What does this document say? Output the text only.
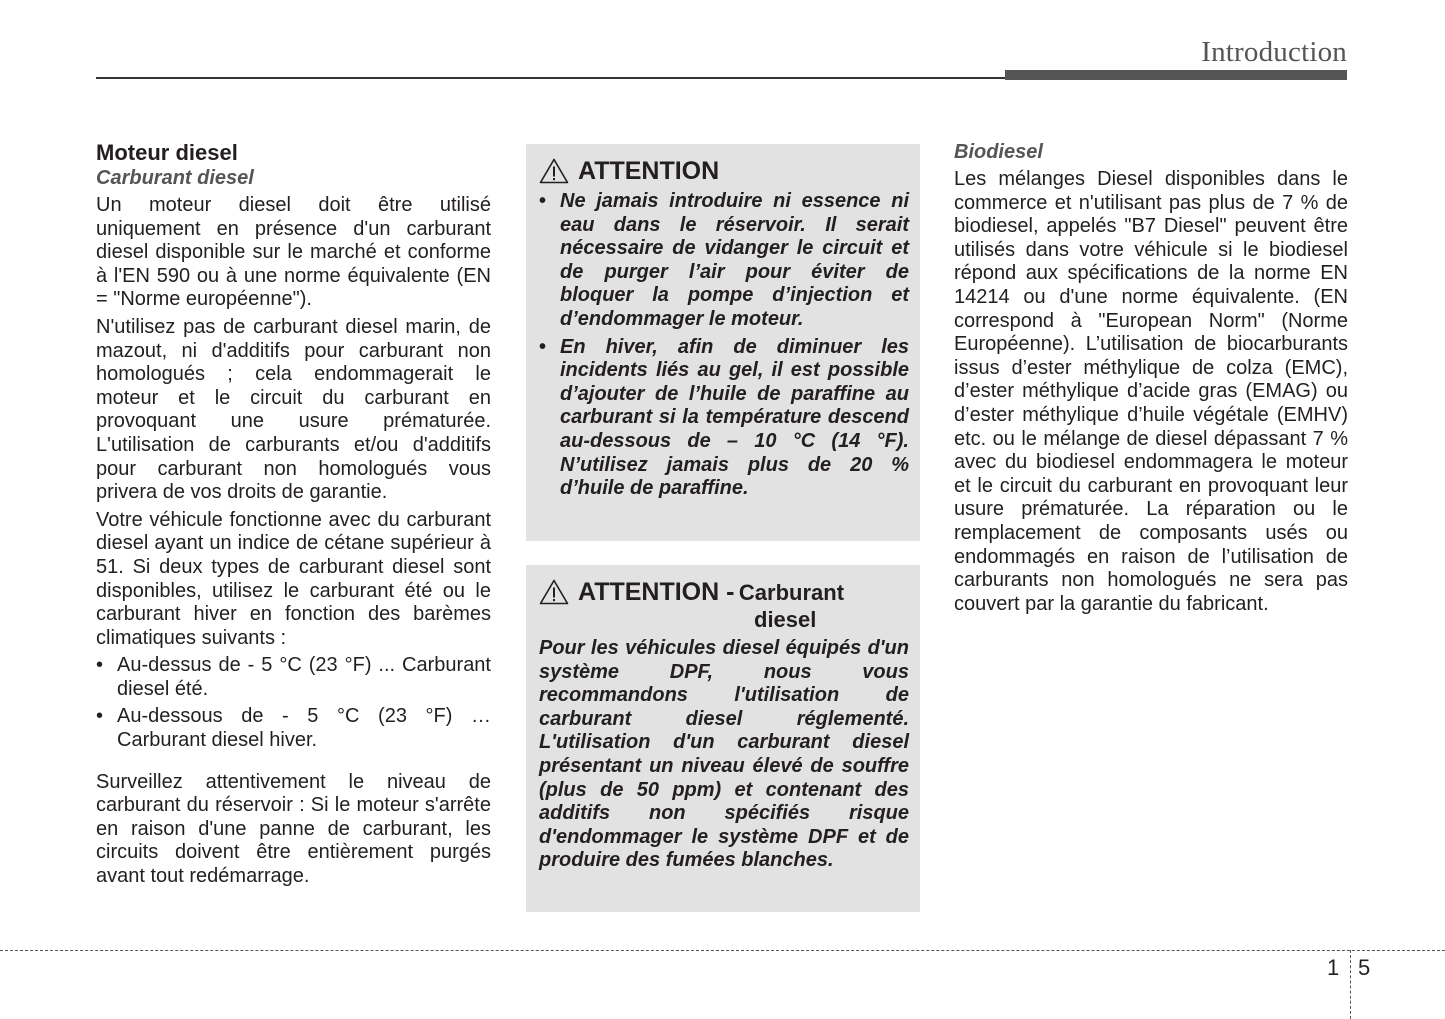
Introduction

Moteur diesel

Carburant diesel

Un moteur diesel doit être utilisé uniquement en présence d'un carburant diesel disponible sur le marché et conforme à l'EN 590 ou à une norme équivalente (EN = "Norme européenne").

N'utilisez pas de carburant diesel marin, de mazout, ni d'additifs pour carburant non homologués ; cela endommagerait le moteur et le circuit du carburant en provoquant une usure prématurée. L'utilisation de carburants et/ou d'additifs pour carburant non homologués vous privera de vos droits de garantie.

Votre véhicule fonctionne avec du carburant diesel ayant un indice de cétane supérieur à 51. Si deux types de carburant diesel sont disponibles, utilisez le carburant été ou le carburant hiver en fonction des barèmes climatiques suivants :

• Au-dessus de - 5 °C (23 °F) ... Carburant diesel été.
• Au-dessous de - 5 °C (23 °F) … Carburant diesel hiver.

Surveillez attentivement le niveau de carburant du réservoir : Si le moteur s'arrête en raison d'une panne de carburant, les circuits doivent être entièrement purgés avant tout redémarrage.

ATTENTION
• Ne jamais introduire ni essence ni eau dans le réservoir. Il serait nécessaire de vidanger le circuit et de purger l’air pour éviter de bloquer la pompe d’injection et d’endommager le moteur.
• En hiver, afin de diminuer les incidents liés au gel, il est possible d’ajouter de l’huile de paraffine au carburant si la température descend au-dessous de – 10 °C (14 °F). N’utilisez jamais plus de 20 % d’huile de paraffine.
ATTENTION - Carburant
diesel

Pour les véhicules diesel équipés d'un système DPF, nous vous recommandons l'utilisation de carburant diesel réglementé. L'utilisation d'un carburant diesel présentant un niveau élevé de souffre (plus de 50 ppm) et contenant des additifs non spécifiés risque d'endommager le système DPF et de produire des fumées blanches.

Biodiesel

Les mélanges Diesel disponibles dans le commerce et n'utilisant pas plus de 7 % de biodiesel, appelés "B7 Diesel" peuvent être utilisés dans votre véhicule si le biodiesel répond aux spécifications de la norme EN 14214 ou d'une norme équivalente. (EN correspond à "European Norm" (Norme Européenne). L’utilisation de biocarburants issus d’ester méthylique de colza (EMC), d’ester méthylique d’acide gras (EMAG) ou d’ester méthylique d’huile végétale (EMHV) etc. ou le mélange de diesel dépassant 7 % avec du biodiesel endommagera le moteur et le circuit du carburant en provoquant leur usure prématurée. La réparation ou le remplacement de composants usés ou endommagés en raison de l’utilisation de carburants non homologués ne sera pas couvert par la garantie du fabricant.

1 5
